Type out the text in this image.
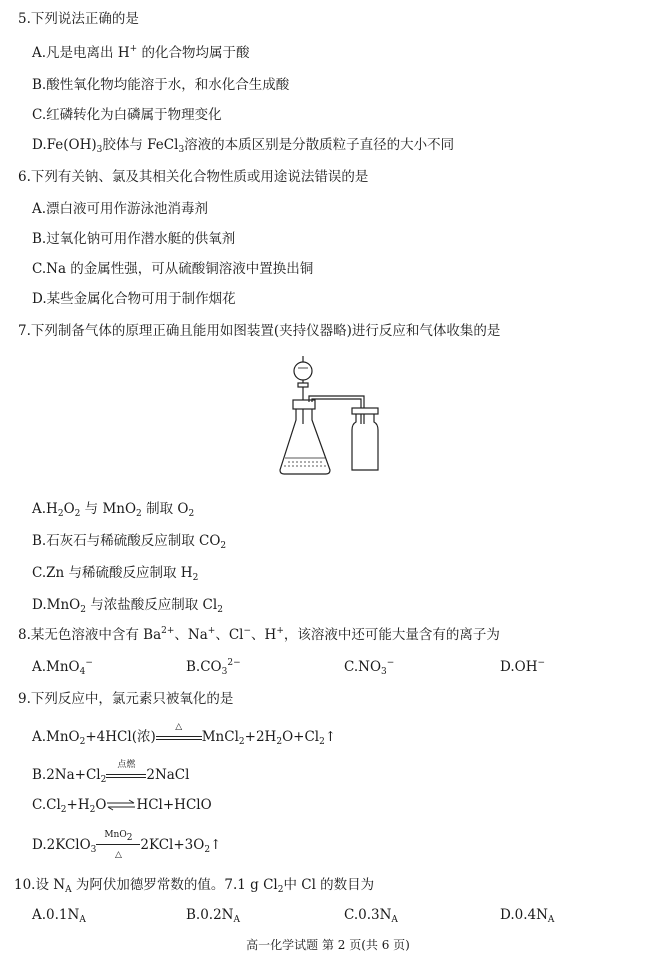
5.下列说法正确的是
A.凡是电离出 H+ 的化合物均属于酸
B.酸性氧化物均能溶于水，和水化合生成酸
C.红磷转化为白磷属于物理变化
$D.Fe(OH)_3$胶体与 FeCl$_3$溶液的本质区别是分散质粒子直径的大小不同
6.下列有关钠、氯及其相关化合物性质或用途说法错误的是
A.漂白液可用作游泳池消毒剂
B.过氧化钠可用作潜水艇的供氧剂
C.Na 的金属性强，可从硫酸铜溶液中置换出铜
D.某些金属化合物可用于制作烟花
7.下列制备气体的原理正确且能用如图装置(夹持仪器略)进行反应和气体收集的是
$A.H_2O_2$ 与 MnO$_2$ 制取 $O_2$
B.石灰石与稀硫酸反应制取 $CO_2$
C.Zn 与稀硫酸反应制取 $H_2$
D.MnO$_2$ 与浓盐酸反应制取 $Cl_2$
8.某无色溶液中含有 $Ba^{2+}$、Na+、Cl−、H+，该溶液中还可能大量含有的离子为
A.MnO$_4$−	$B.CO_3^{2-}$	$C.NO_3^-$	D.OH−
9.下列反应中，氯元素只被氧化的是
A.MnO$_2$+4HCl(浓)
△
$MnCl_2+2H_2O+Cl_2↑$
$B.2Na+Cl_2$
点燃
2NaCl
$C.Cl_2+H_2O\rightleftharpoons HCl+HClO$
D.2KClO$_3$
MnO$_2$
△
$2KCl+3O_2↑$
10.设 $N_A$ 为阿伏加德罗常数的值。7.1 g $Cl_2$中 Cl 的数目为
$A.0.1N_A$	$B.0.2N_A$	$C.0.3N_A$	$D.0.4N_A$
高一化学试题 第 2 页(共 6 页)
